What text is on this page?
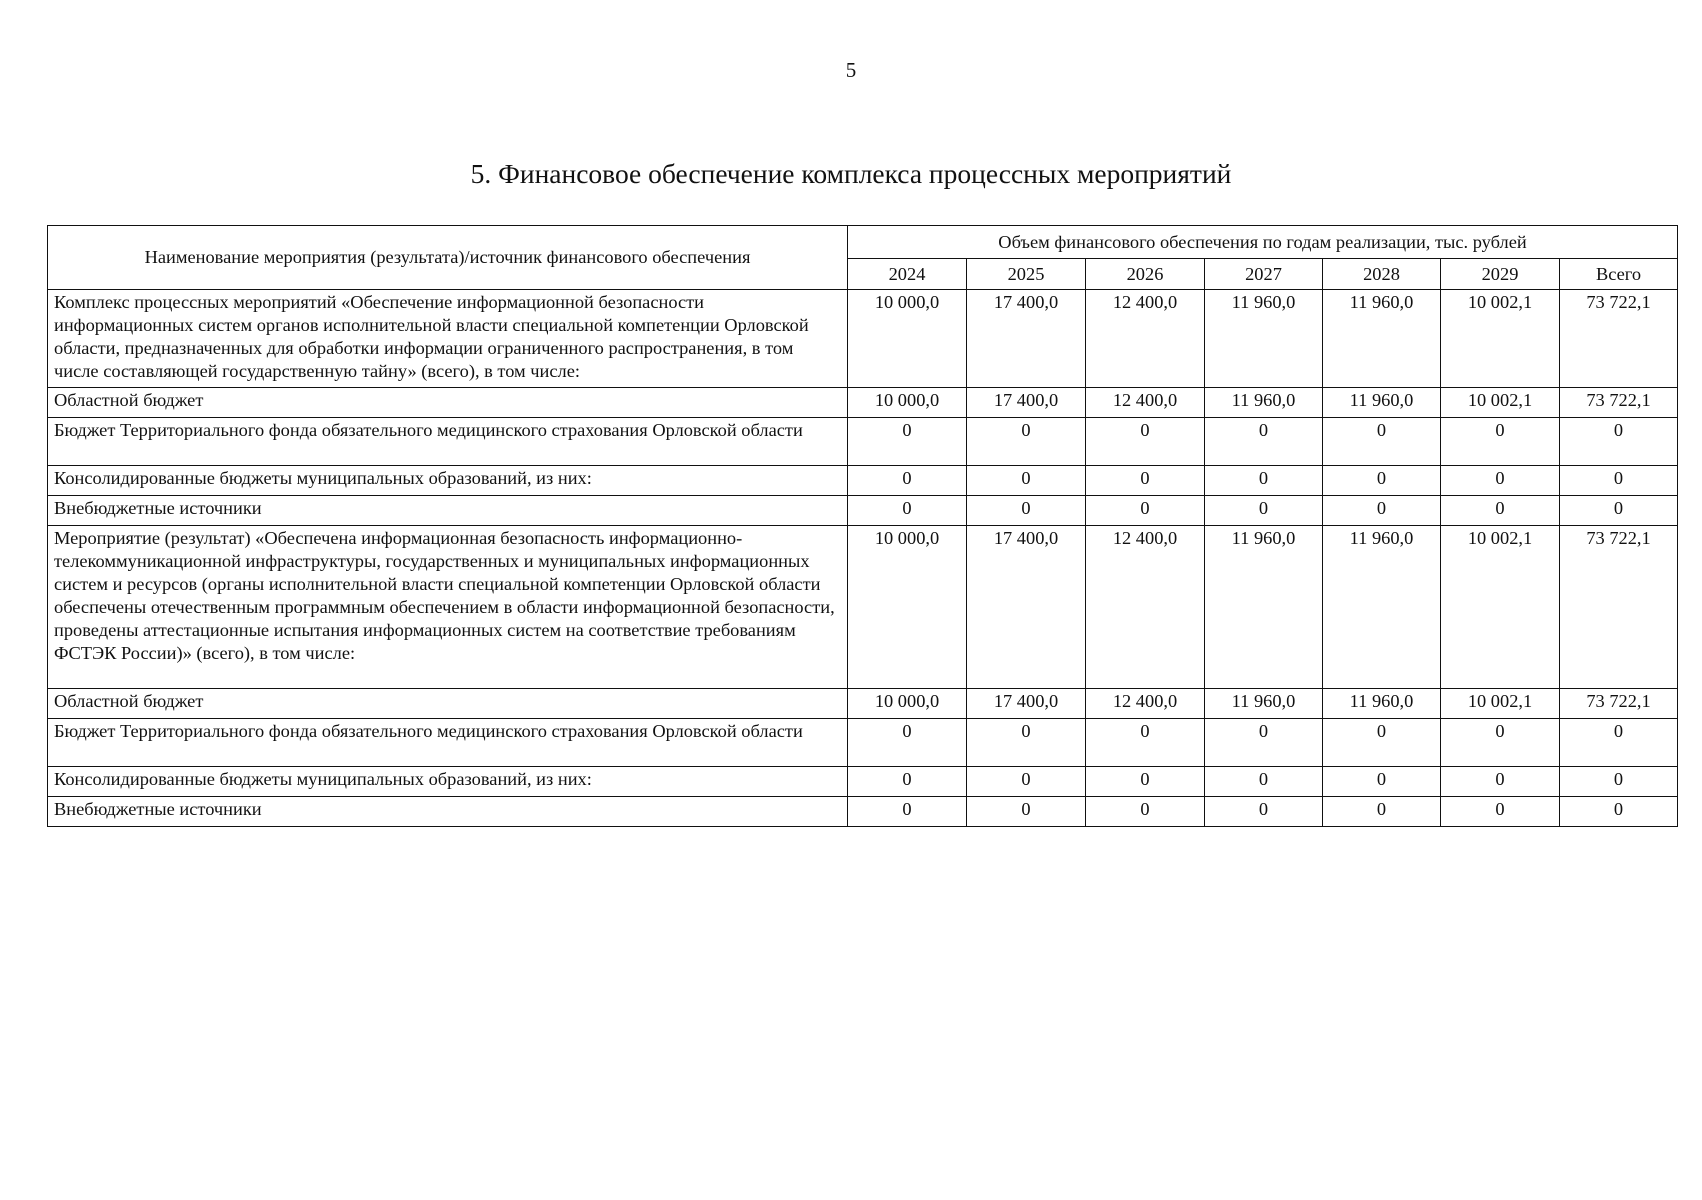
5
5. Финансовое обеспечение комплекса процессных мероприятий
Наименование мероприятия (результата)/источник финансового обеспечения	Объем финансового обеспечения по годам реализации, тыс. рублей						
	2024	2025	2026	2027	2028	2029	Всего
Комплекс процессных мероприятий «Обеспечение информационной безопасности информационных систем органов исполнительной власти специальной компетенции Орловской области, предназначенных для обработки информации ограниченного распространения, в том числе составляющей государственную тайну» (всего), в том числе:	10 000,0	17 400,0	12 400,0	11 960,0	11 960,0	10 002,1	73 722,1
Областной бюджет	10 000,0	17 400,0	12 400,0	11 960,0	11 960,0	10 002,1	73 722,1
Бюджет Территориального фонда обязательного медицинского страхования Орловской области	0	0	0	0	0	0	0
Консолидированные бюджеты муниципальных образований, из них:	0	0	0	0	0	0	0
Внебюджетные источники	0	0	0	0	0	0	0
Мероприятие (результат) «Обеспечена информационная безопасность информационно-телекоммуникационной инфраструктуры, государственных и муниципальных информационных систем и ресурсов (органы исполнительной власти специальной компетенции Орловской области обеспечены отечественным программным обеспечением в области информационной безопасности, проведены аттестационные испытания информационных систем на соответствие требованиям ФСТЭК России)» (всего), в том числе:	10 000,0	17 400,0	12 400,0	11 960,0	11 960,0	10 002,1	73 722,1
Областной бюджет	10 000,0	17 400,0	12 400,0	11 960,0	11 960,0	10 002,1	73 722,1
Бюджет Территориального фонда обязательного медицинского страхования Орловской области	0	0	0	0	0	0	0
Консолидированные бюджеты муниципальных образований, из них:	0	0	0	0	0	0	0
Внебюджетные источники	0	0	0	0	0	0	0
